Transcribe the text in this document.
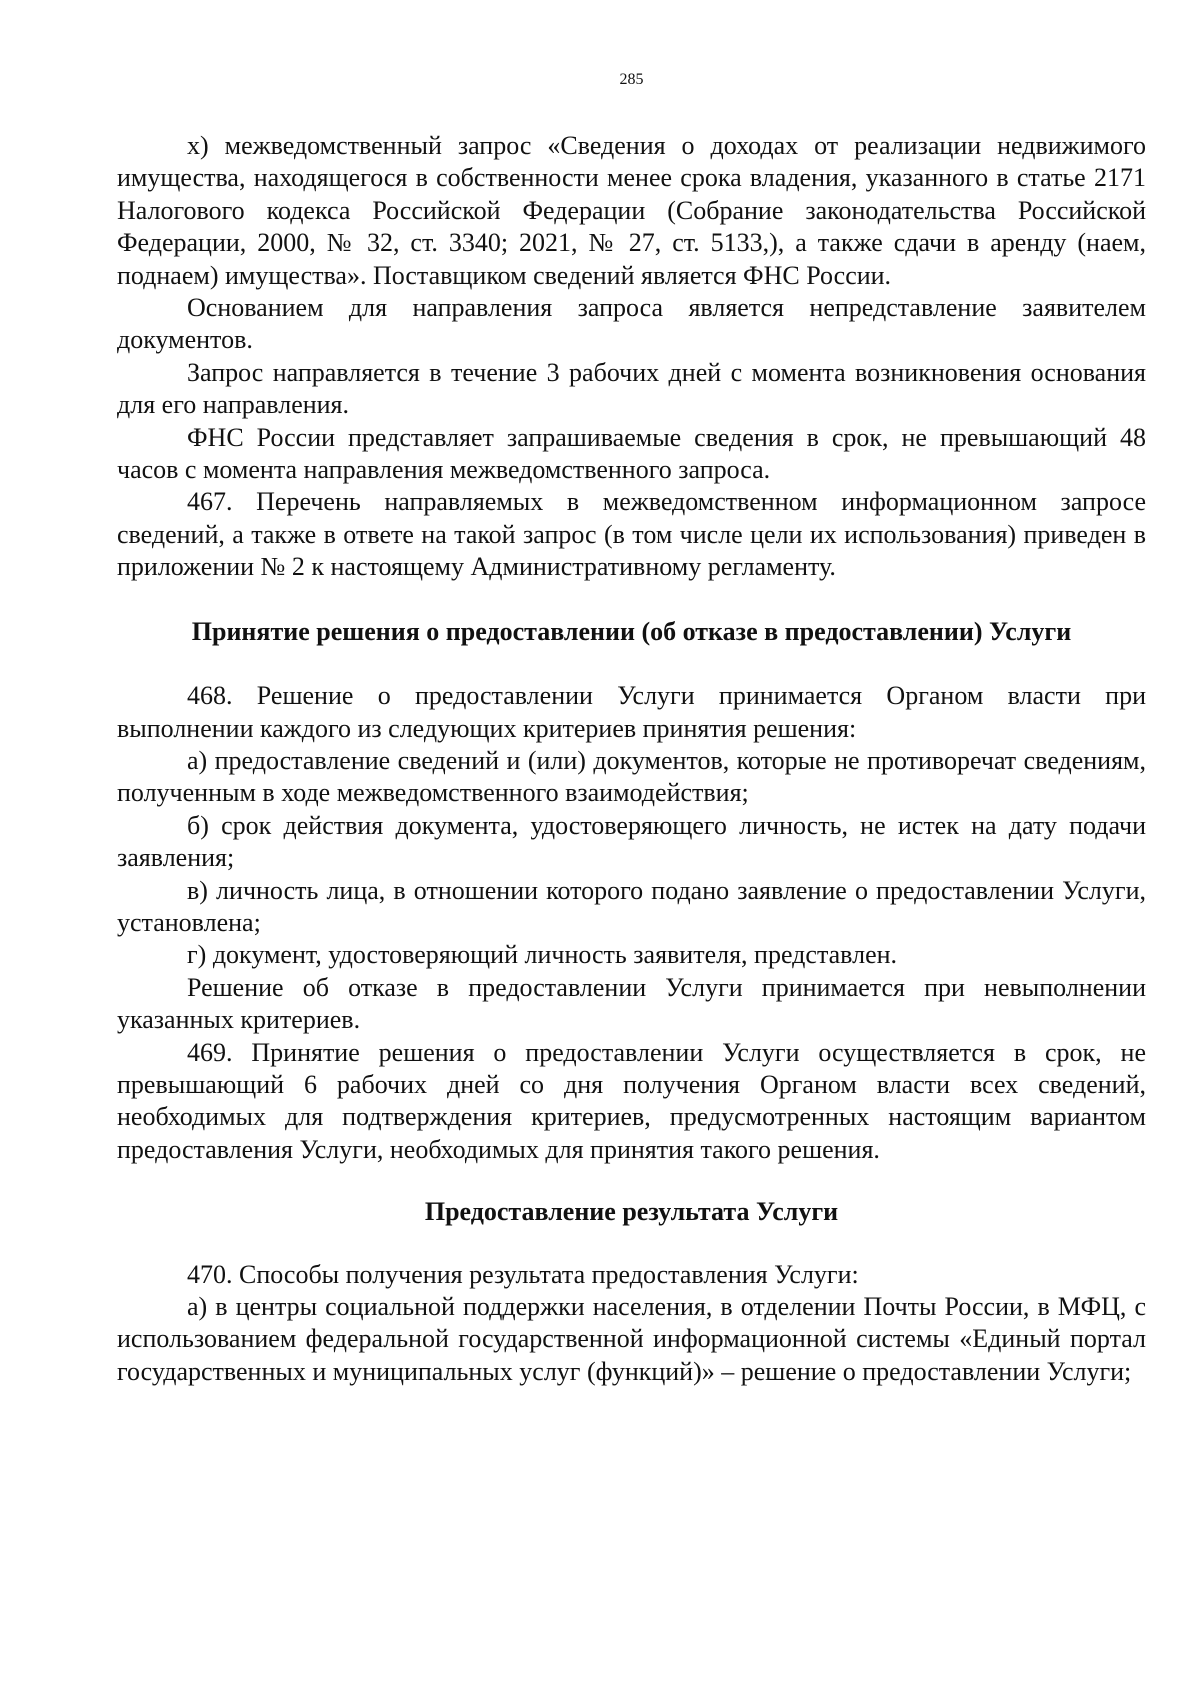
285

х) межведомственный запрос «Сведения о доходах от реализации недвижимого имущества, находящегося в собственности менее срока владения, указанного в статье 2171 Налогового кодекса Российской Федерации (Собрание законодательства Российской Федерации, 2000, № 32, ст. 3340; 2021, № 27, ст. 5133,), а также сдачи в аренду (наем, поднаем) имущества». Поставщиком сведений является ФНС России.

Основанием для направления запроса является непредставление заявителем документов.

Запрос направляется в течение 3 рабочих дней с момента возникновения основания для его направления.

ФНС России представляет запрашиваемые сведения в срок, не превышающий 48 часов с момента направления межведомственного запроса.

467. Перечень направляемых в межведомственном информационном запросе сведений, а также в ответе на такой запрос (в том числе цели их использования) приведен в приложении № 2 к настоящему Административному регламенту.

Принятие решения о предоставлении (об отказе в предоставлении) Услуги

468. Решение о предоставлении Услуги принимается Органом власти при выполнении каждого из следующих критериев принятия решения:

а) предоставление сведений и (или) документов, которые не противоречат сведениям, полученным в ходе межведомственного взаимодействия;

б) срок действия документа, удостоверяющего личность, не истек на дату подачи заявления;

в) личность лица, в отношении которого подано заявление о предоставлении Услуги, установлена;

г) документ, удостоверяющий личность заявителя, представлен.

Решение об отказе в предоставлении Услуги принимается при невыполнении указанных критериев.

469. Принятие решения о предоставлении Услуги осуществляется в срок, не превышающий 6 рабочих дней со дня получения Органом власти всех сведений, необходимых для подтверждения критериев, предусмотренных настоящим вариантом предоставления Услуги, необходимых для принятия такого решения.

Предоставление результата Услуги

470. Способы получения результата предоставления Услуги:

а) в центры социальной поддержки населения, в отделении Почты России, в МФЦ, с использованием федеральной государственной информационной системы «Единый портал государственных и муниципальных услуг (функций)» – решение о предоставлении Услуги;
